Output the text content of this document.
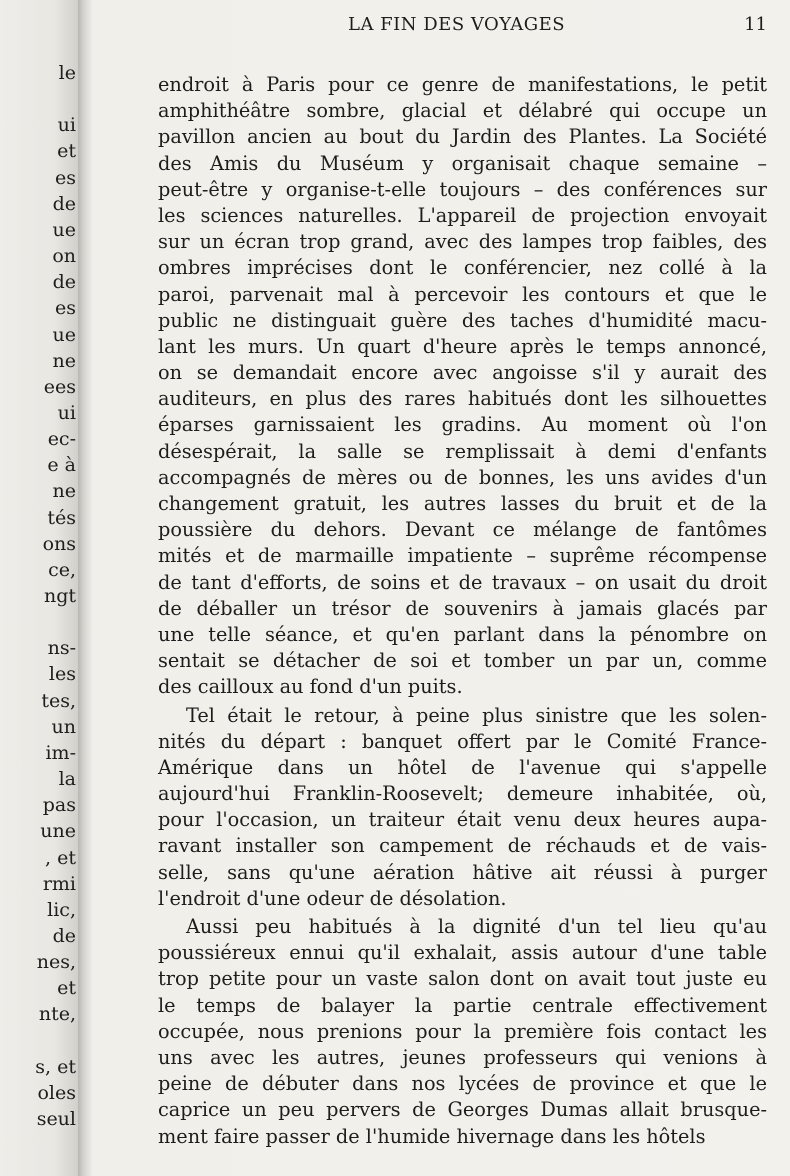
le
ui
et
es
de
ue
on
de
es
ue
ne
ees
ui
ec-
e à
ne
tés
ons
ce,
ngt
ns-
les
tes,
un
im-
la
pas
une
, et
rmi
lic,
de
nes,
et
nte,
s, et
oles
seul
LA FIN DES VOYAGES	11
endroit à Paris pour ce genre de manifestations, le petit
amphithéâtre sombre, glacial et délabré qui occupe un
pavillon ancien au bout du Jardin des Plantes. La Société
des Amis du Muséum y organisait chaque semaine –
peut-être y organise-t-elle toujours – des conférences sur
les sciences naturelles. L'appareil de projection envoyait
sur un écran trop grand, avec des lampes trop faibles, des
ombres imprécises dont le conférencier, nez collé à la
paroi, parvenait mal à percevoir les contours et que le
public ne distinguait guère des taches d'humidité macu-
lant les murs. Un quart d'heure après le temps annoncé,
on se demandait encore avec angoisse s'il y aurait des
auditeurs, en plus des rares habitués dont les silhouettes
éparses garnissaient les gradins. Au moment où l'on
désespérait, la salle se remplissait à demi d'enfants
accompagnés de mères ou de bonnes, les uns avides d'un
changement gratuit, les autres lasses du bruit et de la
poussière du dehors. Devant ce mélange de fantômes
mités et de marmaille impatiente – suprême récompense
de tant d'efforts, de soins et de travaux – on usait du droit
de déballer un trésor de souvenirs à jamais glacés par
une telle séance, et qu'en parlant dans la pénombre on
sentait se détacher de soi et tomber un par un, comme
des cailloux au fond d'un puits.
Tel était le retour, à peine plus sinistre que les solen-
nités du départ : banquet offert par le Comité France-
Amérique dans un hôtel de l'avenue qui s'appelle
aujourd'hui Franklin-Roosevelt; demeure inhabitée, où,
pour l'occasion, un traiteur était venu deux heures aupa-
ravant installer son campement de réchauds et de vais-
selle, sans qu'une aération hâtive ait réussi à purger
l'endroit d'une odeur de désolation.
Aussi peu habitués à la dignité d'un tel lieu qu'au
poussiéreux ennui qu'il exhalait, assis autour d'une table
trop petite pour un vaste salon dont on avait tout juste eu
le temps de balayer la partie centrale effectivement
occupée, nous prenions pour la première fois contact les
uns avec les autres, jeunes professeurs qui venions à
peine de débuter dans nos lycées de province et que le
caprice un peu pervers de Georges Dumas allait brusque-
ment faire passer de l'humide hivernage dans les hôtels
